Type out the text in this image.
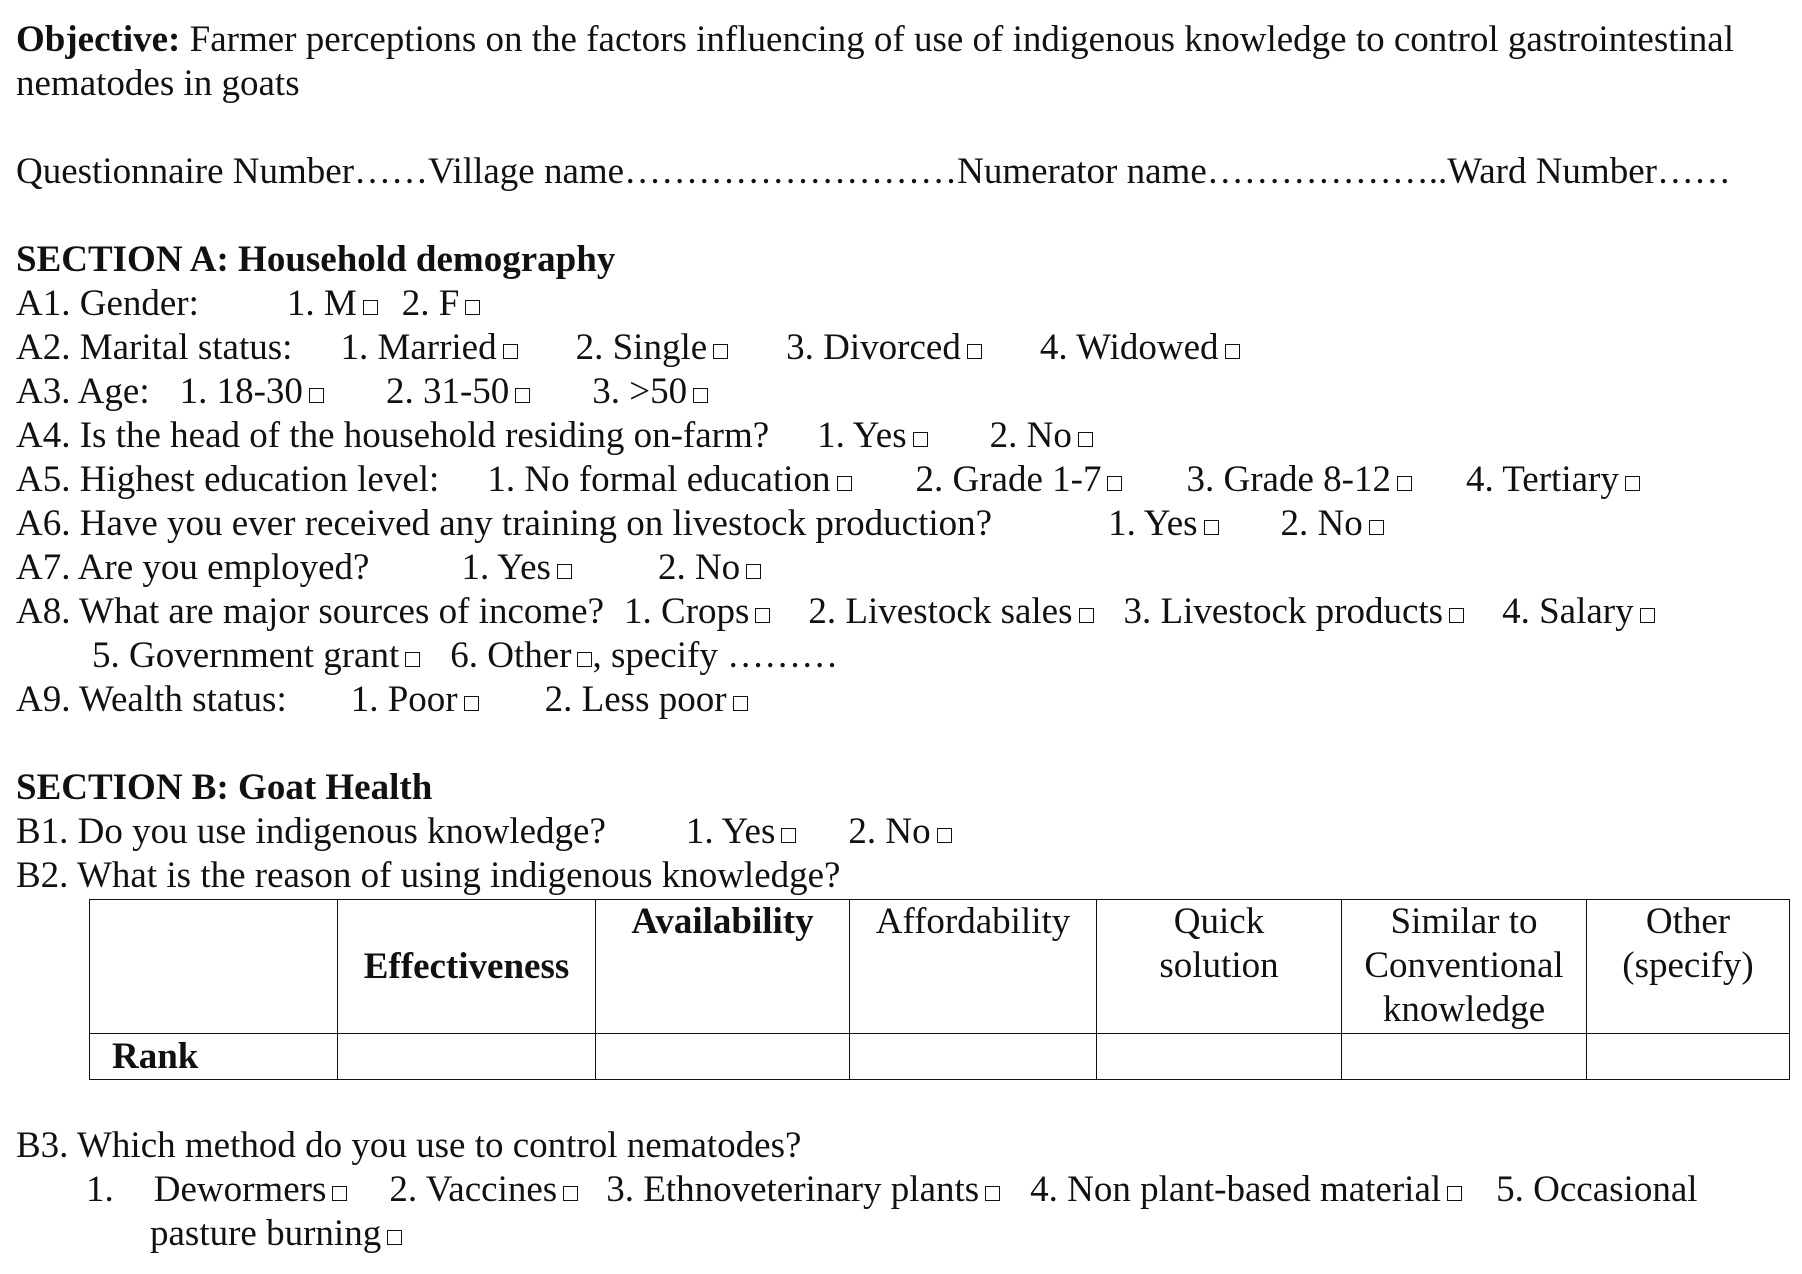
Objective: Farmer perceptions on the factors influencing of use of indigenous knowledge to control gastrointestinal
nematodes in goats
Questionnaire Number……Village name………………………Numerator name………………..Ward Number……
SECTION A: Household demography
A1. Gender: 1. M 2. F
A2. Marital status: 1. Married 2. Single 3. Divorced 4. Widowed
A3. Age: 1. 18-30 2. 31-50 3. >50
A4. Is the head of the household residing on-farm? 1. Yes 2. No
A5. Highest education level: 1. No formal education 2. Grade 1-7 3. Grade 8-12 4. Tertiary
A6. Have you ever received any training on livestock production?	1. Yes 2. No
A7. Are you employed? 1. Yes	2. No
A8. What are major sources of income? 1. Crops 2. Livestock sales 3. Livestock products 4. Salary
5. Government grant 6. Other , specify ………
A9. Wealth status: 1. Poor 2. Less poor
SECTION B: Goat Health
B1. Do you use indigenous knowledge? 1. Yes 2. No
B2. What is the reason of using indigenous knowledge?
	Effectiveness	Availability	Affordability	Quick solution	Similar to Conventional knowledge	Other (specify)

Rank						
B3. Which method do you use to control nematodes?
1. Dewormers 2. Vaccines 3. Ethnoveterinary plants 4. Non plant-based material 5. Occasional
pasture burning
